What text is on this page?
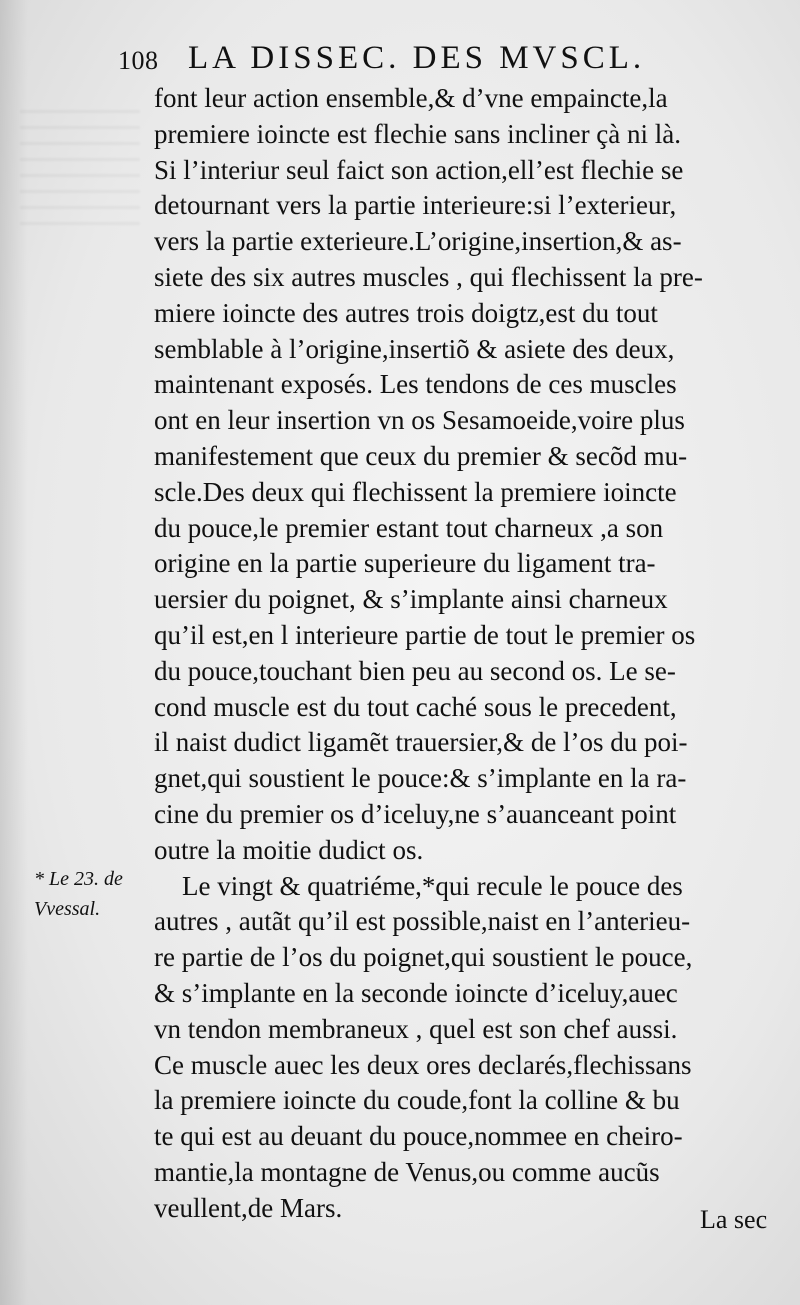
108 LA DISSEC. DES MVSCL.
font leur action ensemble,& d’vne empaincte,la
premiere ioincte est flechie sans incliner çà ni là.
Si l’interiur seul faict son action,ell’est flechie se
detournant vers la partie interieure:si l’exterieur,
vers la partie exterieure.L’origine,insertion,& as-
siete des six autres muscles , qui flechissent la pre-
miere ioincte des autres trois doigtz,est du tout
semblable à l’origine,insertiõ & asiete des deux,
maintenant exposés. Les tendons de ces muscles
ont en leur insertion vn os Sesamoeide,voire plus
manifestement que ceux du premier & secõd mu-
scle.Des deux qui flechissent la premiere ioincte
du pouce,le premier estant tout charneux ,a son
origine en la partie superieure du ligament tra-
uersier du poignet, & s’implante ainsi charneux
qu’il est,en l interieure partie de tout le premier os
du pouce,touchant bien peu au second os. Le se-
cond muscle est du tout caché sous le precedent,
il naist dudict ligamẽt trauersier,& de l’os du poi-
gnet,qui soustient le pouce:& s’implante en la ra-
cine du premier os d’iceluy,ne s’auanceant point
outre la moitie dudict os.
Le vingt & quatriéme,*qui recule le pouce des
autres , autãt qu’il est possible,naist en l’anterieu-
re partie de l’os du poignet,qui soustient le pouce,
& s’implante en la seconde ioincte d’iceluy,auec
vn tendon membraneux , quel est son chef aussi.
Ce muscle auec les deux ores declarés,flechissans
la premiere ioincte du coude,font la colline & bu
te qui est au deuant du pouce,nommee en cheiro-
mantie,la montagne de Venus,ou comme aucũs
veullent,de Mars.
* Le 23. de
Vvessal.
La sec
